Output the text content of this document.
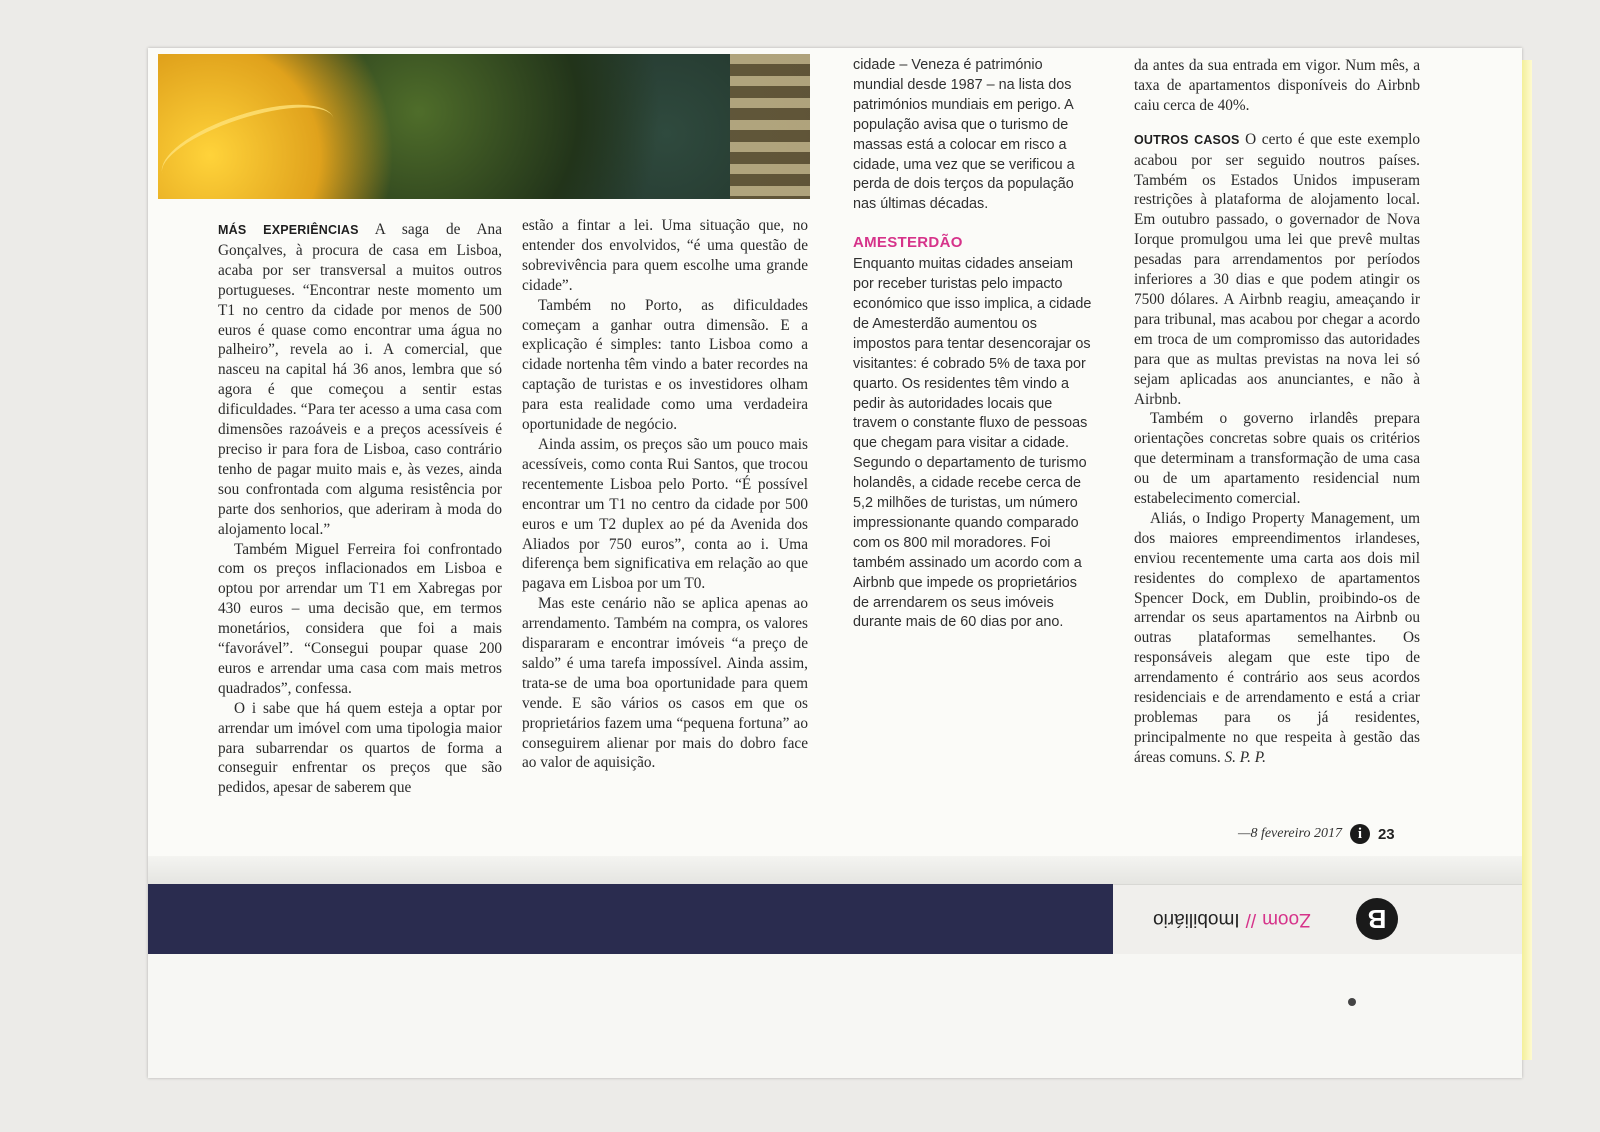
MÁS EXPERIÊNCIAS A saga de Ana Gonçalves, à procura de casa em Lisboa, acaba por ser transversal a muitos outros portugueses. “Encontrar neste momento um T1 no centro da cidade por menos de 500 euros é quase como encontrar uma água no palheiro”, revela ao i. A comercial, que nasceu na capital há 36 anos, lembra que só agora é que começou a sentir estas dificuldades. “Para ter acesso a uma casa com dimensões razoáveis e a preços acessíveis é preciso ir para fora de Lisboa, caso contrário tenho de pagar muito mais e, às vezes, ainda sou confrontada com alguma resistência por parte dos senhorios, que aderiram à moda do alojamento local.”

Também Miguel Ferreira foi confrontado com os preços inflacionados em Lisboa e optou por arrendar um T1 em Xabregas por 430 euros – uma decisão que, em termos monetários, considera que foi a mais “favorável”. “Consegui poupar quase 200 euros e arrendar uma casa com mais metros quadrados”, confessa.

O i sabe que há quem esteja a optar por arrendar um imóvel com uma tipologia maior para subarrendar os quartos de forma a conseguir enfrentar os preços que são pedidos, apesar de saberem que

estão a fintar a lei. Uma situação que, no entender dos envolvidos, “é uma questão de sobrevivência para quem escolhe uma grande cidade”.

Também no Porto, as dificuldades começam a ganhar outra dimensão. E a explicação é simples: tanto Lisboa como a cidade nortenha têm vindo a bater recordes na captação de turistas e os investidores olham para esta realidade como uma verdadeira oportunidade de negócio.

Ainda assim, os preços são um pouco mais acessíveis, como conta Rui Santos, que trocou recentemente Lisboa pelo Porto. “É possível encontrar um T1 no centro da cidade por 500 euros e um T2 duplex ao pé da Avenida dos Aliados por 750 euros”, conta ao i. Uma diferença bem significativa em relação ao que pagava em Lisboa por um T0.

Mas este cenário não se aplica apenas ao arrendamento. Também na compra, os valores dispararam e encontrar imóveis “a preço de saldo” é uma tarefa impossível. Ainda assim, trata-se de uma boa oportunidade para quem vende. E são vários os casos em que os proprietários fazem uma “pequena fortuna” ao conseguirem alienar por mais do dobro face ao valor de aquisição.

cidade – Veneza é património mundial desde 1987 – na lista dos patrimónios mundiais em perigo. A população avisa que o turismo de massas está a colocar em risco a cidade, uma vez que se verificou a perda de dois terços da população nas últimas décadas.

AMESTERDÃO

Enquanto muitas cidades anseiam por receber turistas pelo impacto económico que isso implica, a cidade de Amesterdão aumentou os impostos para tentar desencorajar os visitantes: é cobrado 5% de taxa por quarto. Os residentes têm vindo a pedir às autoridades locais que travem o constante fluxo de pessoas que chegam para visitar a cidade. Segundo o departamento de turismo holandês, a cidade recebe cerca de 5,2 milhões de turistas, um número impressionante quando comparado com os 800 mil moradores. Foi também assinado um acordo com a Airbnb que impede os proprietários de arrendarem os seus imóveis durante mais de 60 dias por ano.

da antes da sua entrada em vigor. Num mês, a taxa de apartamentos disponíveis do Airbnb caiu cerca de 40%.

OUTROS CASOS O certo é que este exemplo acabou por ser seguido noutros países. Também os Estados Unidos impuseram restrições à plataforma de alojamento local. Em outubro passado, o governador de Nova Iorque promulgou uma lei que prevê multas pesadas para arrendamentos por períodos inferiores a 30 dias e que podem atingir os 7500 dólares. A Airbnb reagiu, ameaçando ir para tribunal, mas acabou por chegar a acordo em troca de um compromisso das autoridades para que as multas previstas na nova lei só sejam aplicadas aos anunciantes, e não à Airbnb.

Também o governo irlandês prepara orientações concretas sobre quais os critérios que determinam a transformação de uma casa ou de um apartamento residencial num estabelecimento comercial.

Aliás, o Indigo Property Management, um dos maiores empreendimentos irlandeses, enviou recentemente uma carta aos dois mil residentes do complexo de apartamentos Spencer Dock, em Dublin, proibindo-os de arrendar os seus apartamentos na Airbnb ou outras plataformas semelhantes. Os responsáveis alegam que este tipo de arrendamento é contrário aos seus acordos residenciais e de arrendamento e está a criar problemas para os já residentes, principalmente no que respeita à gestão das áreas comuns. S. P. P.

—8 fevereiro 2017	i	23
Zoom
//
Imobiliário	B
